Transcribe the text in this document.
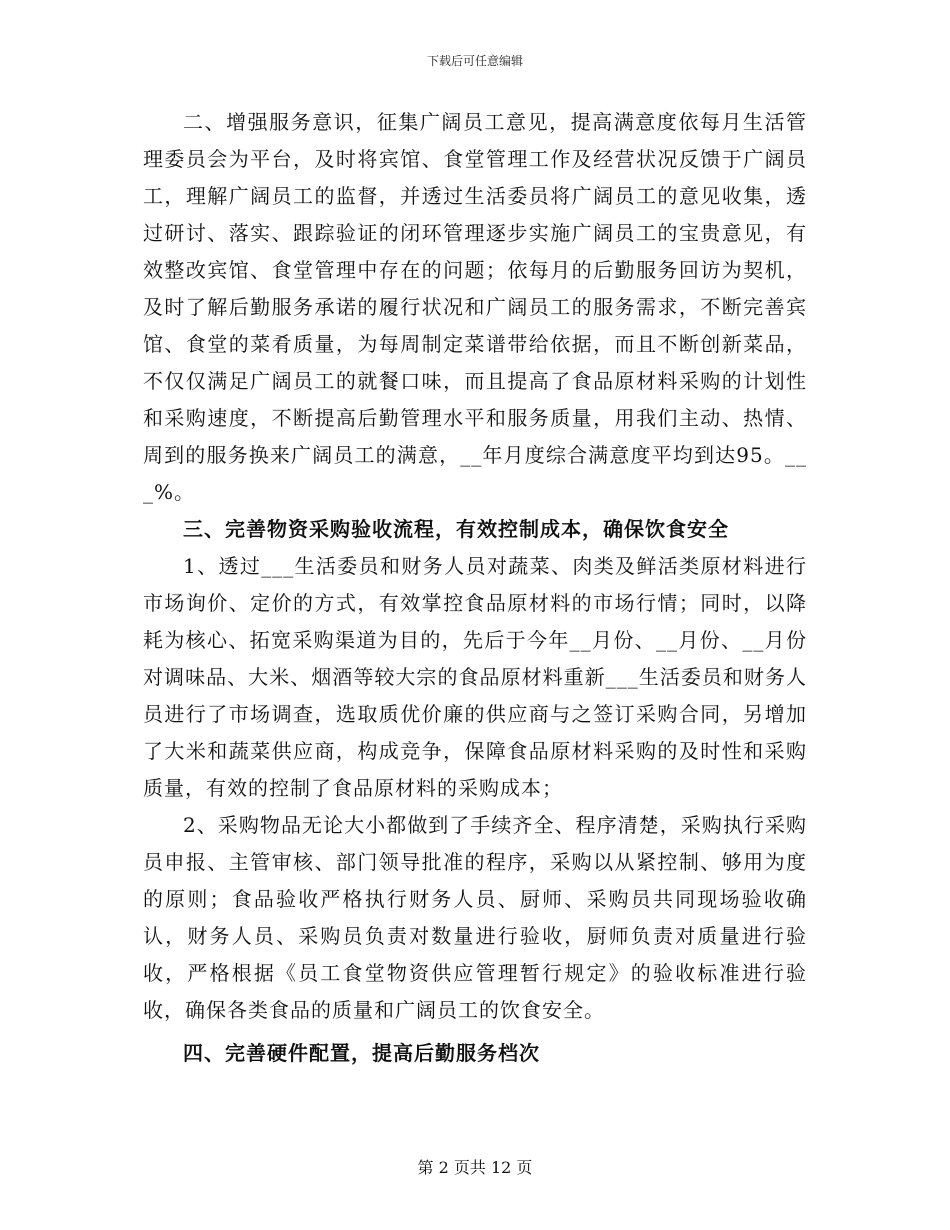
下载后可任意编辑

二、增强服务意识，征集广阔员工意见，提高满意度依每月生活管理委员会为平台，及时将宾馆、食堂管理工作及经营状况反馈于广阔员工，理解广阔员工的监督，并透过生活委员将广阔员工的意见收集，透过研讨、落实、跟踪验证的闭环管理逐步实施广阔员工的宝贵意见，有效整改宾馆、食堂管理中存在的问题；依每月的后勤服务回访为契机，及时了解后勤服务承诺的履行状况和广阔员工的服务需求，不断完善宾馆、食堂的菜肴质量，为每周制定菜谱带给依据，而且不断创新菜品，不仅仅满足广阔员工的就餐口味，而且提高了食品原材料采购的计划性和采购速度，不断提高后勤管理水平和服务质量，用我们主动、热情、周到的服务换来广阔员工的满意，__年月度综合满意度平均到达95。___%。

三、完善物资采购验收流程，有效控制成本，确保饮食安全

1、透过___生活委员和财务人员对蔬菜、肉类及鲜活类原材料进行市场询价、定价的方式，有效掌控食品原材料的市场行情；同时，以降耗为核心、拓宽采购渠道为目的，先后于今年__月份、__月份、__月份对调味品、大米、烟酒等较大宗的食品原材料重新___生活委员和财务人员进行了市场调查，选取质优价廉的供应商与之签订采购合同，另增加了大米和蔬菜供应商，构成竞争，保障食品原材料采购的及时性和采购质量，有效的控制了食品原材料的采购成本；

2、采购物品无论大小都做到了手续齐全、程序清楚，采购执行采购员申报、主管审核、部门领导批准的程序，采购以从紧控制、够用为度的原则；食品验收严格执行财务人员、厨师、采购员共同现场验收确认，财务人员、采购员负责对数量进行验收，厨师负责对质量进行验收，严格根据《员工食堂物资供应管理暂行规定》的验收标准进行验收，确保各类食品的质量和广阔员工的饮食安全。

四、完善硬件配置，提高后勤服务档次
第 2 页共 12 页
